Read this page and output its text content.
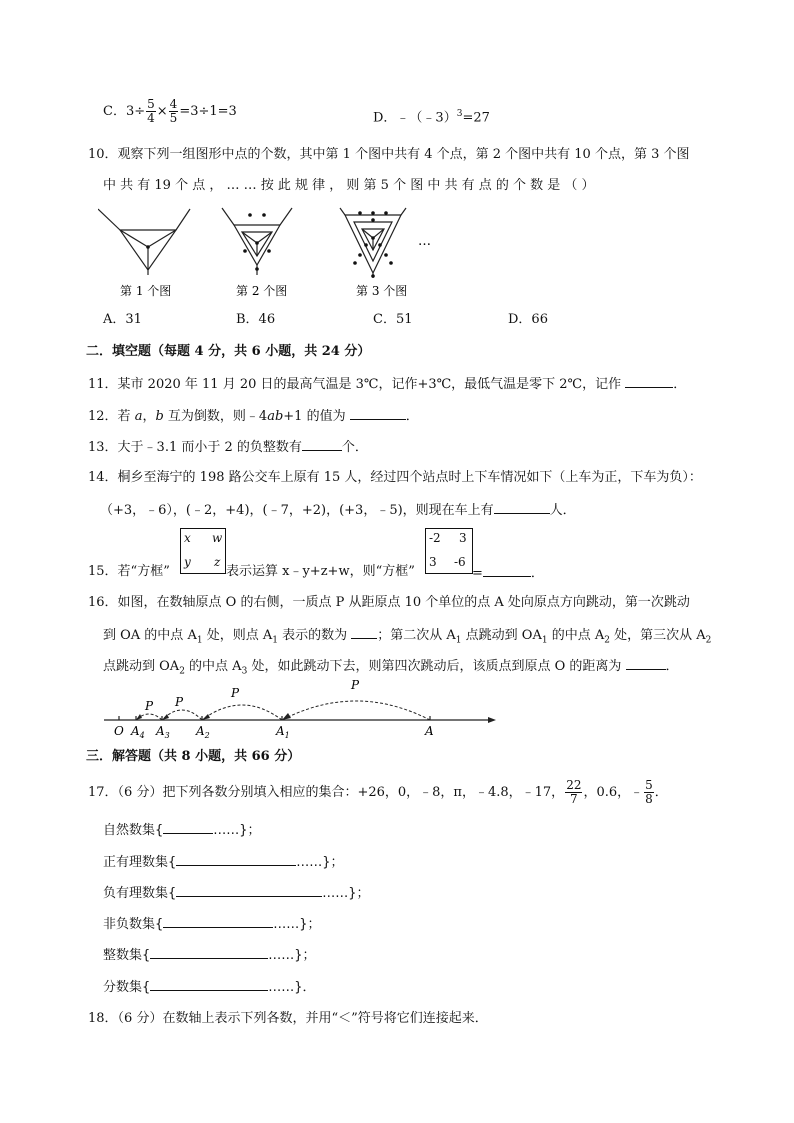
C．$3\div \frac{5}{4} \times \frac{4}{5} =3\div 1=3$	D．﹣（﹣3）$^3$=27
10．观察下列一组图形中点的个数，其中第 1 个图中共有 4 个点，第 2 个图中共有 10 个点，第 3 个图
中 共 有 19 个 点 ， … … 按 此 规 律 ， 则 第 5 个 图 中 共 有 点 的 个 数 是 （ ）
…
第 1 个图	第 2 个图	第 3 个图
A．31	B．46	C．51	D．66
二．填空题（每题 4 分，共 6 小题，共 24 分）
11．某市 2020 年 11 月 20 日的最高气温是 3℃，记作+3℃，最低气温是零下 2℃，记作	．
12．若 a，b 互为倒数，则﹣4ab+1 的值为	．
13．大于﹣3.1 而小于 2 的负整数有	个．
14．桐乡至海宁的 198 路公交车上原有 15 人，经过四个站点时上下车情况如下（上车为正，下车为负）：
（+3，﹣6），(﹣2，+4)，(﹣7，+2)，(+3，﹣5)，则现在车上有	人．
15．若“方框”
x w
y z
表示运算 x﹣y+z+w，则“方框”
-2 3
3 -6
=	．
16．如图，在数轴原点 O 的右侧，一质点 P 从距原点 10 个单位的点 A 处向原点方向跳动，第一次跳动
到 OA 的中点 $A_1$ 处，则点 $A_1$ 表示的数为 ；第二次从 $A_1$ 点跳动到 $OA_1$ 的中点 $A_2$ 处，第三次从 $A_2$
点跳动到 $OA_2$ 的中点 $A_3$ 处，如此跳动下去，则第四次跳动后，该质点到原点 O 的距离为	．
P
P
P
P
O $A_4$ $A_3$ $A_2$	$A_1$	A
三．解答题（共 8 小题，共 66 分）
17．（6 分）把下列各数分别填入相应的集合：+26，0，﹣8，π，﹣4.8，﹣17， $\frac{22}{7}$ ，0.6，﹣ $\frac{5}{8}$ ．
自然数集{	……}；
正有理数集{	……}；
负有理数集{	……}；
非负数集{	……}；
整数集{	……}；
分数集{	……}．
18．（6 分）在数轴上表示下列各数，并用“＜”符号将它们连接起来．
